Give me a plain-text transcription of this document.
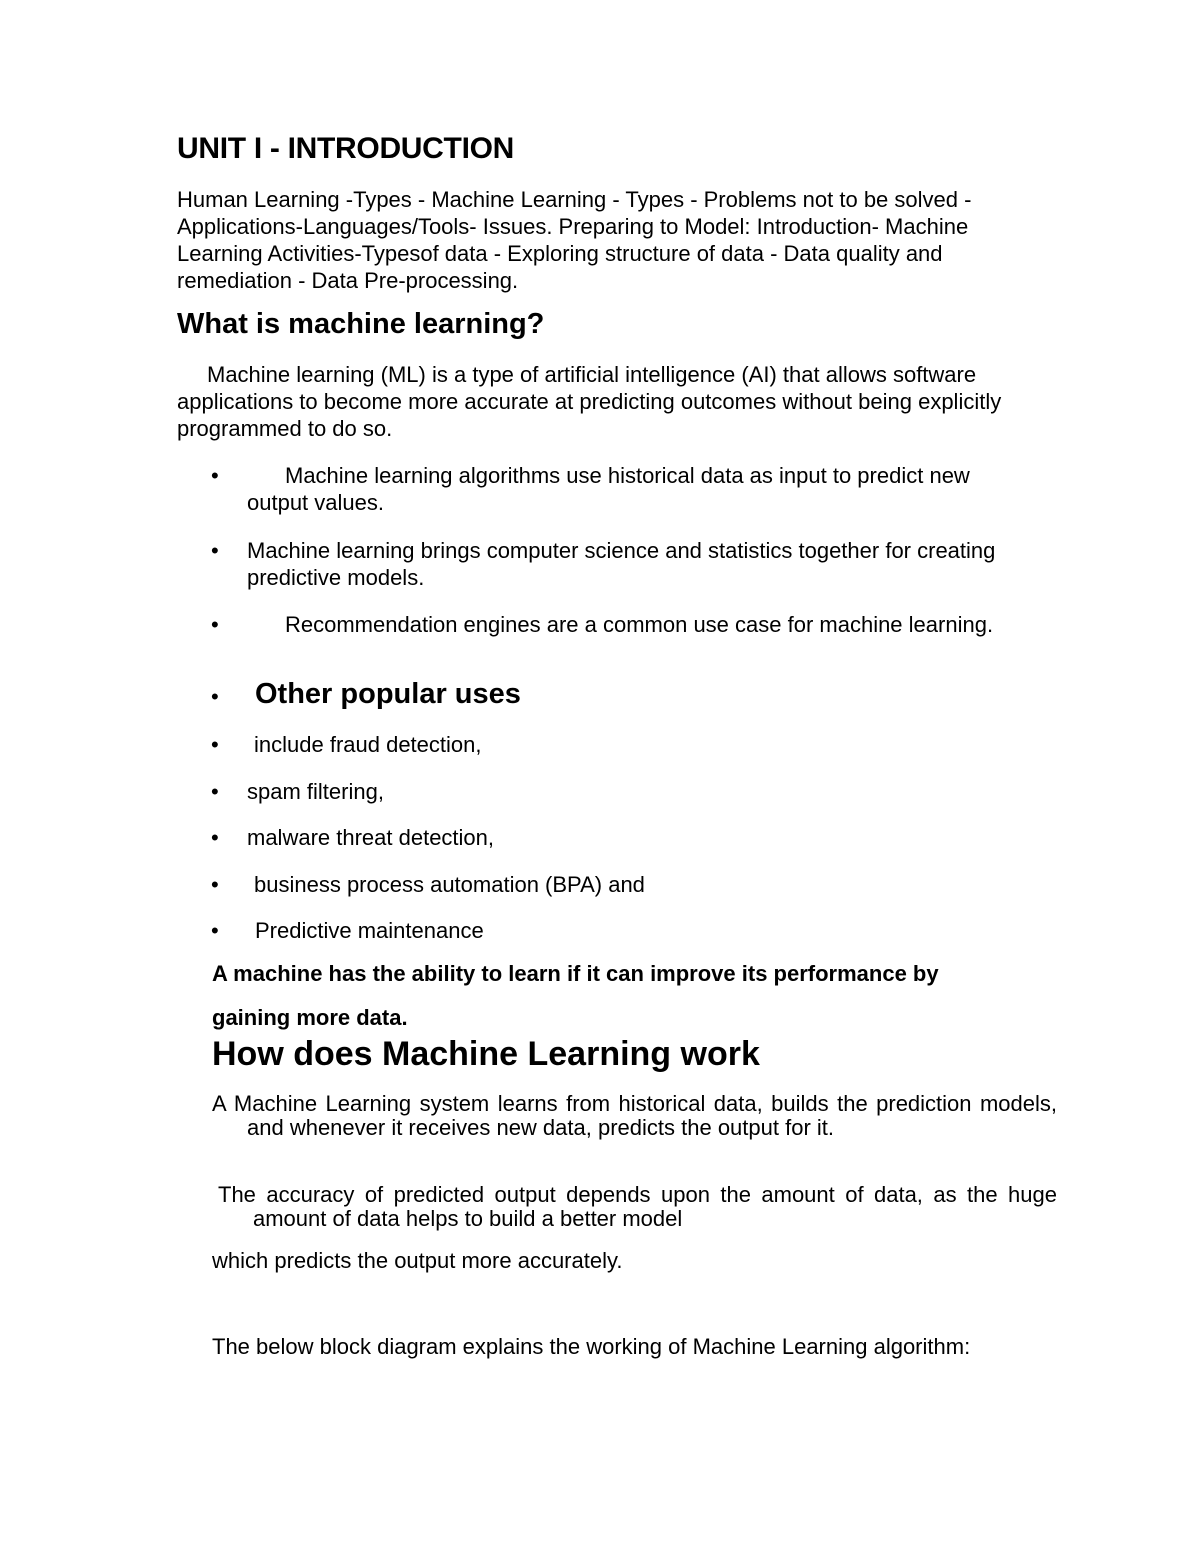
UNIT I - INTRODUCTION

Human Learning -Types - Machine Learning - Types - Problems not to be solved - Applications-Languages/Tools- Issues. Preparing to Model: Introduction- Machine Learning Activities-Typesof data - Exploring structure of data - Data quality and remediation - Data Pre-processing.

What is machine learning?

Machine learning (ML) is a type of artificial intelligence (AI) that allows software applications to become more accurate at predicting outcomes without being explicitly programmed to do so.

•	Machine learning algorithms use historical data as input to predict new output values.
• Machine learning brings computer science and statistics together for creating predictive models.
•	Recommendation engines are a common use case for machine learning.
• Other popular uses
• include fraud detection,
• spam filtering,
• malware threat detection,
• business process automation (BPA) and
• Predictive maintenance

A machine has the ability to learn if it can improve its performance by

gaining more data.

How does Machine Learning work

A Machine Learning system learns from historical data, builds the prediction models, and whenever it receives new data, predicts the output for it.

The accuracy of predicted output depends upon the amount of data, as the huge amount of data helps to build a better model

which predicts the output more accurately.

The below block diagram explains the working of Machine Learning algorithm:
